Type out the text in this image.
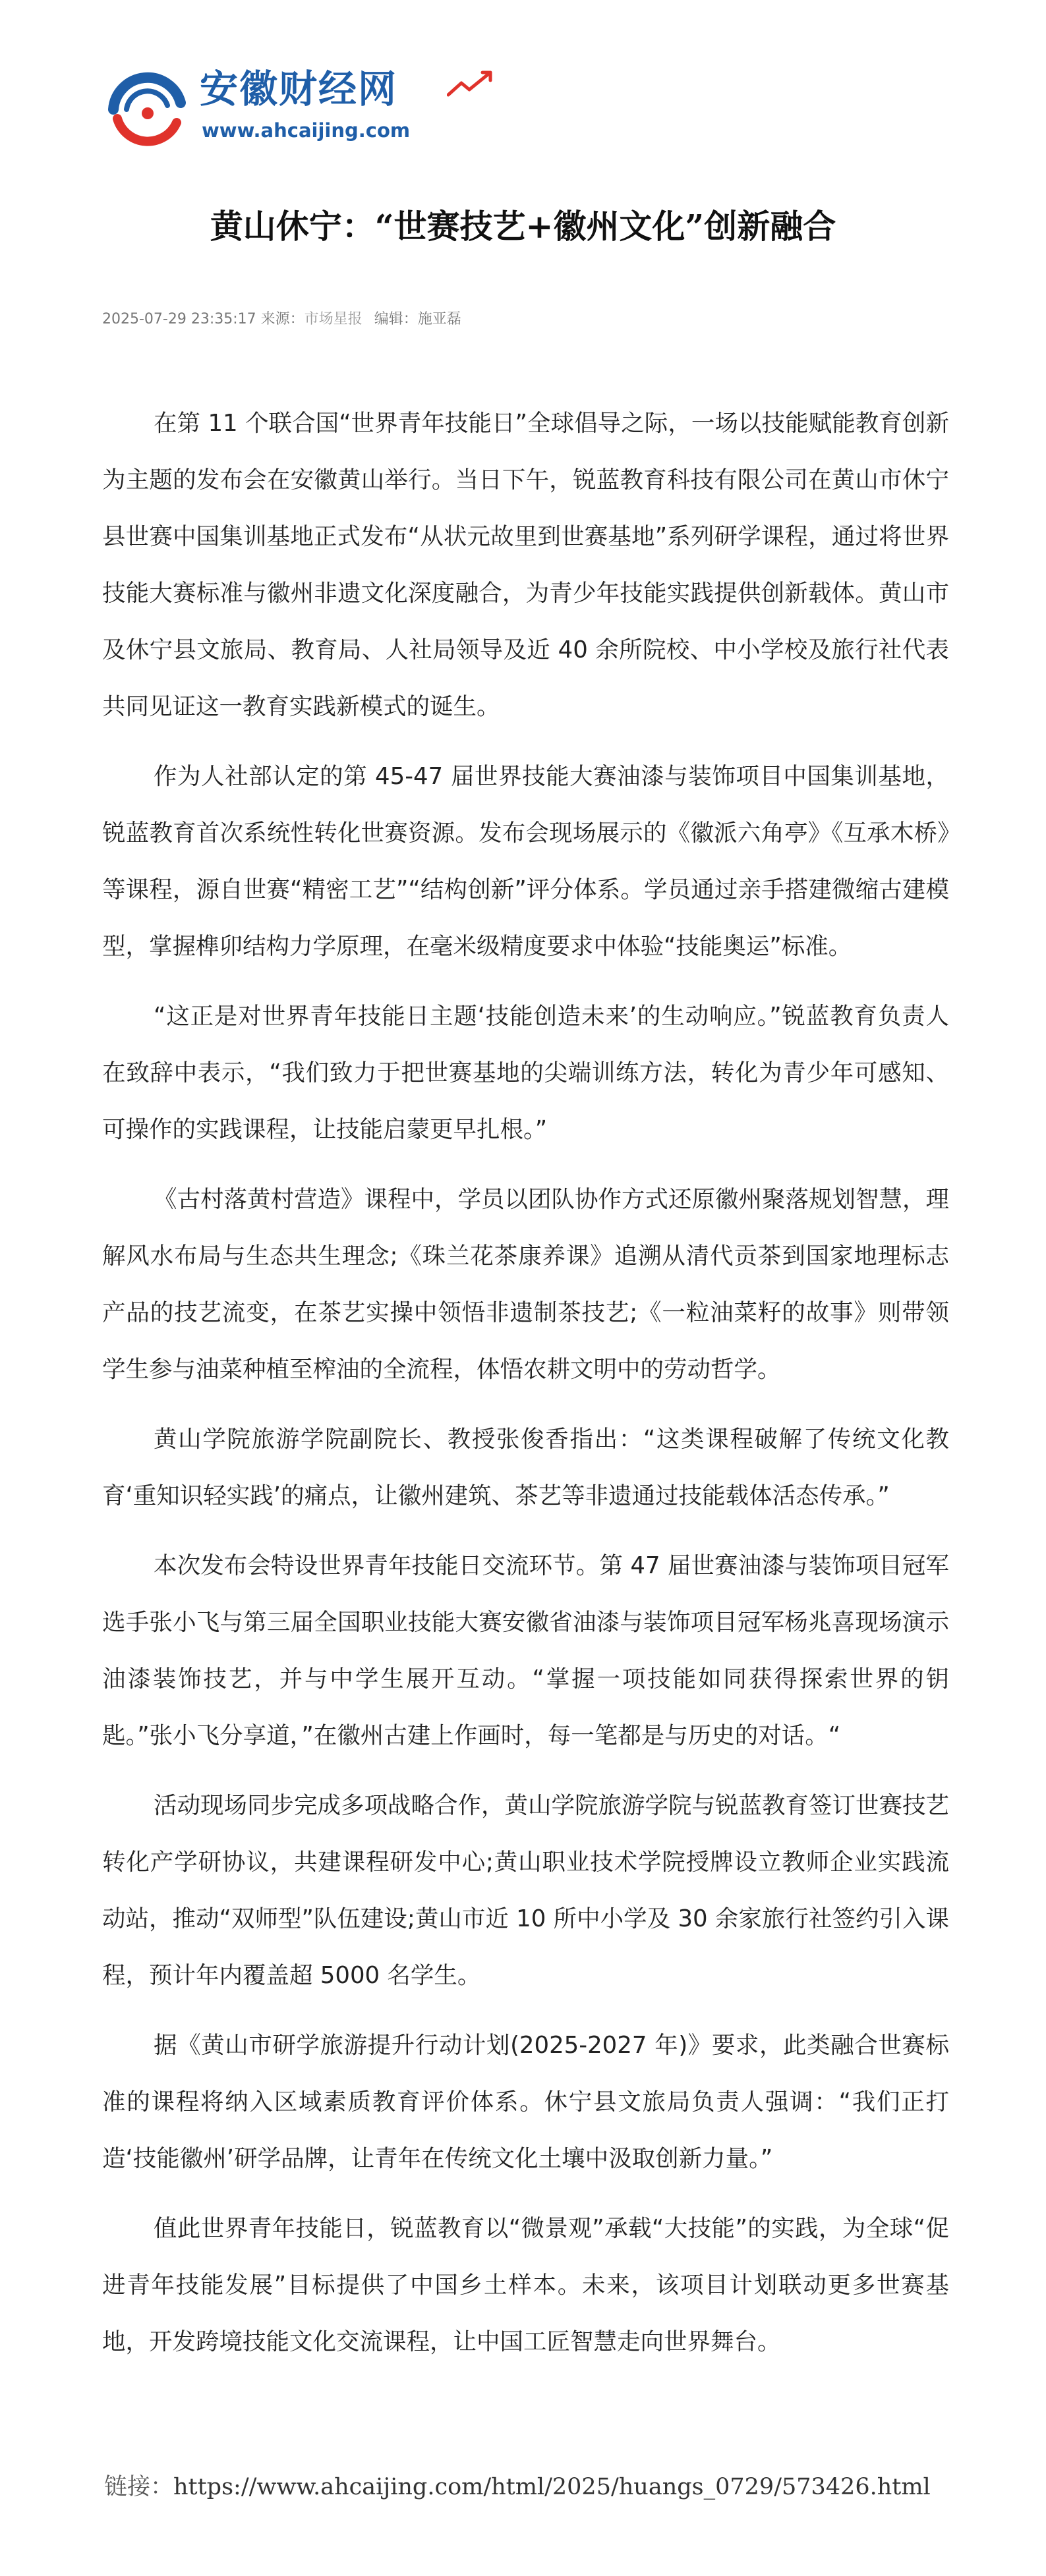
安徽财经网
www.ahcaijing.com
黄山休宁：“世赛技艺+徽州文化”创新融合
2025-07-29 23:35:17 来源：市场星报 编辑：施亚磊

在第 11 个联合国“世界青年技能日”全球倡导之际，一场以技能赋能教育创新为主题的发布会在安徽黄山举行。当日下午，锐蓝教育科技有限公司在黄山市休宁县世赛中国集训基地正式发布“从状元故里到世赛基地”系列研学课程，通过将世界技能大赛标准与徽州非遗文化深度融合，为青少年技能实践提供创新载体。黄山市及休宁县文旅局、教育局、人社局领导及近 40 余所院校、中小学校及旅行社代表共同见证这一教育实践新模式的诞生。

作为人社部认定的第 45-47 届世界技能大赛油漆与装饰项目中国集训基地，锐蓝教育首次系统性转化世赛资源。发布会现场展示的《徽派六角亭》《互承木桥》等课程，源自世赛“精密工艺”“结构创新”评分体系。学员通过亲手搭建微缩古建模型，掌握榫卯结构力学原理，在毫米级精度要求中体验“技能奥运”标准。

“这正是对世界青年技能日主题‘技能创造未来’的生动响应。”锐蓝教育负责人在致辞中表示，“我们致力于把世赛基地的尖端训练方法，转化为青少年可感知、可操作的实践课程，让技能启蒙更早扎根。”

《古村落黄村营造》课程中，学员以团队协作方式还原徽州聚落规划智慧，理解风水布局与生态共生理念;《珠兰花茶康养课》追溯从清代贡茶到国家地理标志产品的技艺流变，在茶艺实操中领悟非遗制茶技艺;《一粒油菜籽的故事》则带领学生参与油菜种植至榨油的全流程，体悟农耕文明中的劳动哲学。

黄山学院旅游学院副院长、教授张俊香指出：“这类课程破解了传统文化教育‘重知识轻实践’的痛点，让徽州建筑、茶艺等非遗通过技能载体活态传承。”

本次发布会特设世界青年技能日交流环节。第 47 届世赛油漆与装饰项目冠军选手张小飞与第三届全国职业技能大赛安徽省油漆与装饰项目冠军杨兆喜现场演示油漆装饰技艺，并与中学生展开互动。“掌握一项技能如同获得探索世界的钥匙。”张小飞分享道，”在徽州古建上作画时，每一笔都是与历史的对话。“

活动现场同步完成多项战略合作，黄山学院旅游学院与锐蓝教育签订世赛技艺转化产学研协议，共建课程研发中心;黄山职业技术学院授牌设立教师企业实践流动站，推动“双师型”队伍建设;黄山市近 10 所中小学及 30 余家旅行社签约引入课程，预计年内覆盖超 5000 名学生。

据《黄山市研学旅游提升行动计划(2025-2027 年)》要求，此类融合世赛标准的课程将纳入区域素质教育评价体系。休宁县文旅局负责人强调：“我们正打造‘技能徽州’研学品牌，让青年在传统文化土壤中汲取创新力量。”

值此世界青年技能日，锐蓝教育以“微景观”承载“大技能”的实践，为全球“促进青年技能发展”目标提供了中国乡土样本。未来，该项目计划联动更多世赛基地，开发跨境技能文化交流课程，让中国工匠智慧走向世界舞台。

链接：https://www.ahcaijing.com/html/2025/huangs_0729/573426.html
